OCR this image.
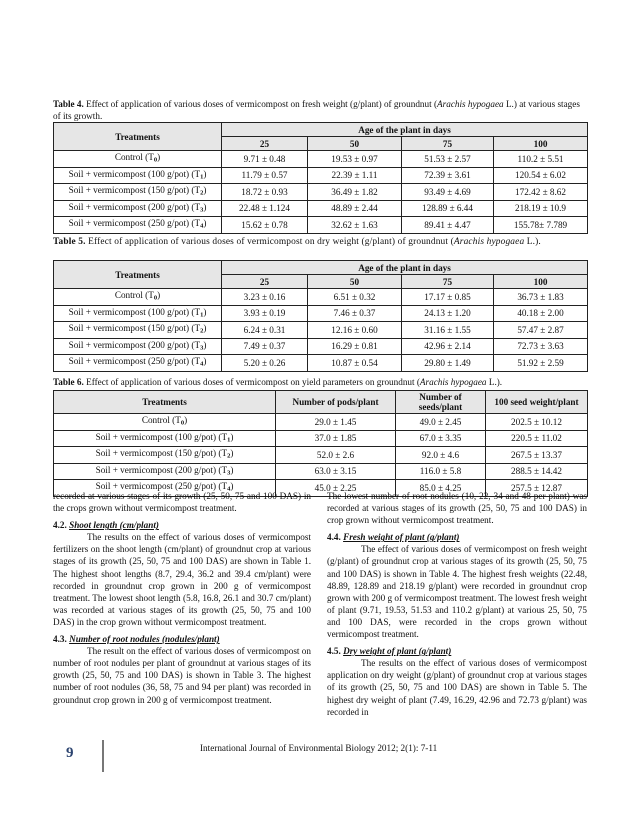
Table 4. Effect of application of various doses of vermicompost on fresh weight (g/plant) of groundnut (Arachis hypogaea L.) at various stages of its growth.
Treatments	Age of the plant in days			
	25	50	75	100
Control $(T_0)$	9.71 ± 0.48	19.53 ± 0.97	51.53 ± 2.57	110.2 ± 5.51
Soil + vermicompost (100 g/pot) $(T_1)$	11.79 ± 0.57	22.39 ± 1.11	72.39 ± 3.61	120.54 ± 6.02
Soil + vermicompost (150 g/pot) $(T_2)$	18.72 ± 0.93	36.49 ± 1.82	93.49 ± 4.69	172.42 ± 8.62
Soil + vermicompost (200 g/pot) $(T_3)$	22.48 ± 1.124	48.89 ± 2.44	128.89 ± 6.44	218.19 ± 10.9
Soil + vermicompost (250 g/pot) $(T_4)$	15.62 ± 0.78	32.62 ± 1.63	89.41 ± 4.47	155.78± 7.789
Table 5. Effect of application of various doses of vermicompost on dry weight (g/plant) of groundnut (Arachis hypogaea L.).
Treatments	Age of the plant in days			
	25	50	75	100
Control $(T_0)$	3.23 ± 0.16	6.51 ± 0.32	17.17 ± 0.85	36.73 ± 1.83
Soil + vermicompost (100 g/pot) $(T_1)$	3.93 ± 0.19	7.46 ± 0.37	24.13 ± 1.20	40.18 ± 2.00
Soil + vermicompost (150 g/pot) $(T_2)$	6.24 ± 0.31	12.16 ± 0.60	31.16 ± 1.55	57.47 ± 2.87
Soil + vermicompost (200 g/pot) $(T_3)$	7.49 ± 0.37	16.29 ± 0.81	42.96 ± 2.14	72.73 ± 3.63
Soil + vermicompost (250 g/pot) $(T_4)$	5.20 ± 0.26	10.87 ± 0.54	29.80 ± 1.49	51.92 ± 2.59
Table 6. Effect of application of various doses of vermicompost on yield parameters on groundnut (Arachis hypogaea L.).
Treatments	Number of pods/plant	Number of seeds/plant	100 seed weight/plant
Control $(T_0)$	29.0 ± 1.45	49.0 ± 2.45	202.5 ± 10.12
Soil + vermicompost (100 g/pot) $(T_1)$	37.0 ± 1.85	67.0 ± 3.35	220.5 ± 11.02
Soil + vermicompost (150 g/pot) $(T_2)$	52.0 ± 2.6	92.0 ± 4.6	267.5 ± 13.37
Soil + vermicompost (200 g/pot) $(T_3)$	63.0 ± 3.15	116.0 ± 5.8	288.5 ± 14.42
Soil + vermicompost (250 g/pot) $(T_4)$	45.0 ± 2.25	85.0 ± 4.25	257.5 ± 12.87

recorded at various stages of its growth (25, 50, 75 and 100 DAS) in the crops grown without vermicompost treatment.

4.2. Shoot length (cm/plant)

The results on the effect of various doses of vermicompost fertilizers on the shoot length (cm/plant) of groundnut crop at various stages of its growth (25, 50, 75 and 100 DAS) are shown in Table 1. The highest shoot lengths (8.7, 29.4, 36.2 and 39.4 cm/plant) were recorded in groundnut crop grown in 200 g of vermicompost treatment. The lowest shoot length (5.8, 16.8, 26.1 and 30.7 cm/plant) was recorded at various stages of its growth (25, 50, 75 and 100 DAS) in the crop grown without vermicompost treatment.

4.3. Number of root nodules (nodules/plant)

The result on the effect of various doses of vermicompost on number of root nodules per plant of groundnut at various stages of its growth (25, 50, 75 and 100 DAS) is shown in Table 3. The highest number of root nodules (36, 58, 75 and 94 per plant) was recorded in groundnut crop grown in 200 g of vermicompost treatment.

The lowest number of root nodules (10, 22, 34 and 48 per plant) was recorded at various stages of its growth (25, 50, 75 and 100 DAS) in crop grown without vermicompost treatment.

4.4. Fresh weight of plant (g/plant)

The effect of various doses of vermicompost on fresh weight (g/plant) of groundnut crop at various stages of its growth (25, 50, 75 and 100 DAS) is shown in Table 4. The highest fresh weights (22.48, 48.89, 128.89 and 218.19 g/plant) were recorded in groundnut crop grown with 200 g of vermicompost treatment. The lowest fresh weight of plant (9.71, 19.53, 51.53 and 110.2 g/plant) at various 25, 50, 75 and 100 DAS, were recorded in the crops grown without vermicompost treatment.

4.5. Dry weight of plant (g/plant)

The results on the effect of various doses of vermicompost application on dry weight (g/plant) of groundnut crop at various stages of its growth (25, 50, 75 and 100 DAS) are shown in Table 5. The highest dry weight of plant (7.49, 16.29, 42.96 and 72.73 g/plant) was recorded in

9	International Journal of Environmental Biology 2012; 2(1): 7-11
